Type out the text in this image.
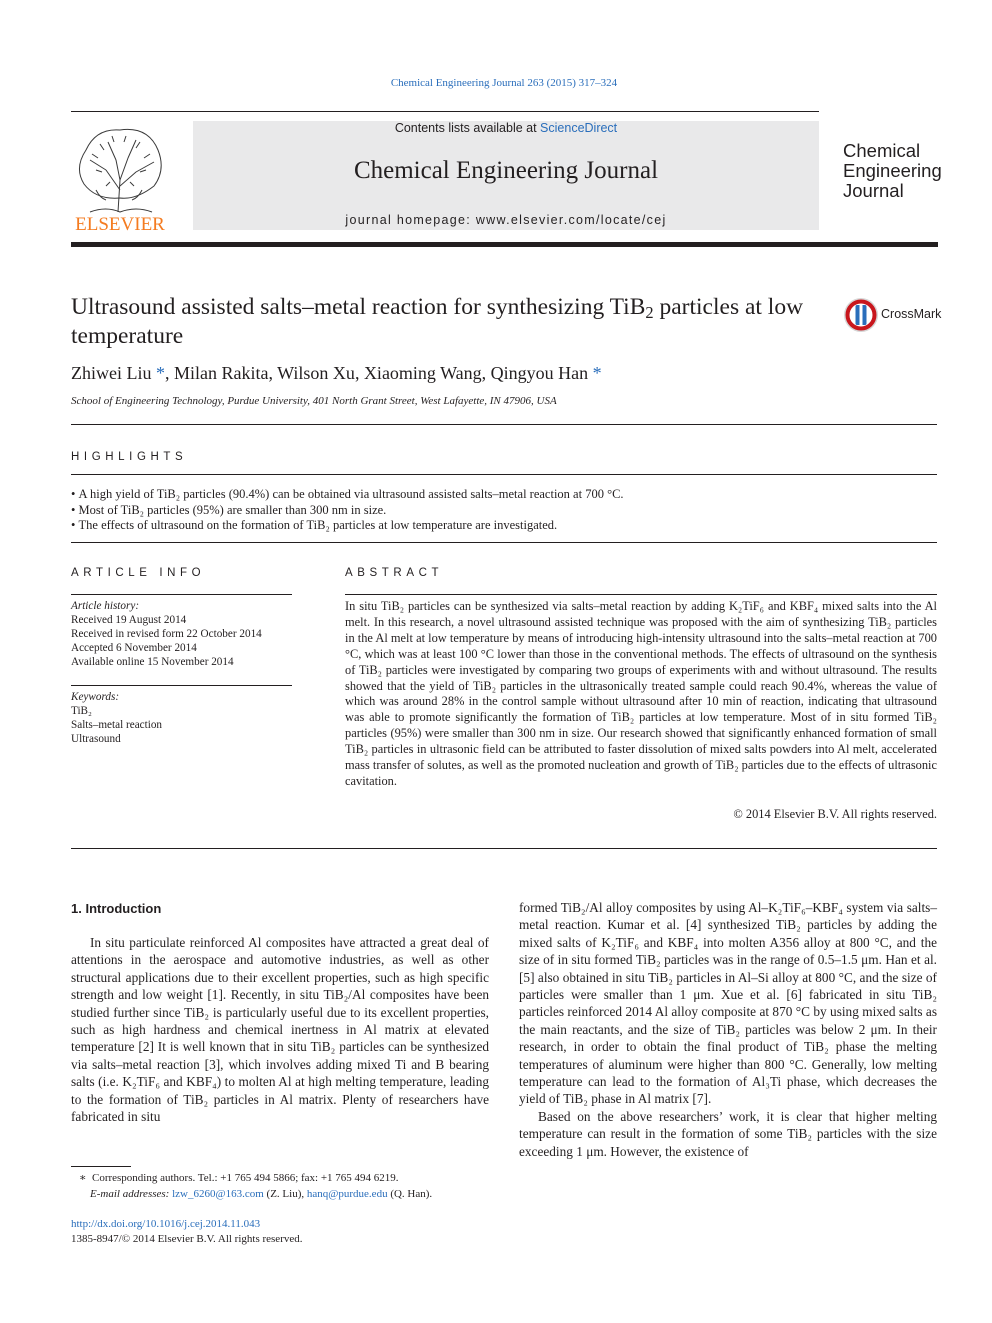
Chemical Engineering Journal 263 (2015) 317–324
ELSEVIER
Contents lists available at ScienceDirect
Chemical Engineering Journal
journal homepage: www.elsevier.com/locate/cej
Chemical
Engineering
Journal
Ultrasound assisted salts–metal reaction for synthesizing TiB$_2$ particles at low temperature
CrossMark
Zhiwei Liu *, Milan Rakita, Wilson Xu, Xiaoming Wang, Qingyou Han *
School of Engineering Technology, Purdue University, 401 North Grant Street, West Lafayette, IN 47906, USA
HIGHLIGHTS
• A high yield of TiB₂ particles (90.4%) can be obtained via ultrasound assisted salts–metal reaction at 700 °C.
• Most of TiB₂ particles (95%) are smaller than 300 nm in size.
• The effects of ultrasound on the formation of TiB₂ particles at low temperature are investigated.
ARTICLE INFO
Article history:
Received 19 August 2014
Received in revised form 22 October 2014
Accepted 6 November 2014
Available online 15 November 2014
Keywords:
TiB₂
Salts–metal reaction
Ultrasound
ABSTRACT

In situ TiB₂ particles can be synthesized via salts–metal reaction by adding K₂TiF₆ and KBF₄ mixed salts into the Al melt. In this research, a novel ultrasound assisted technique was proposed with the aim of synthesizing TiB₂ particles in the Al melt at low temperature by means of introducing high-intensity ultrasound into the salts–metal reaction at 700 °C, which was at least 100 °C lower than those in the conventional methods. The effects of ultrasound on the synthesis of TiB₂ particles were investigated by comparing two groups of experiments with and without ultrasound. The results showed that the yield of TiB₂ particles in the ultrasonically treated sample could reach 90.4%, whereas the value of which was around 28% in the control sample without ultrasound after 10 min of reaction, indicating that ultrasound was able to promote significantly the formation of TiB₂ particles at low temperature. Most of in situ formed TiB₂ particles (95%) were smaller than 300 nm in size. Our research showed that significantly enhanced formation of small TiB₂ particles in ultrasonic field can be attributed to faster dissolution of mixed salts powders into Al melt, accelerated mass transfer of solutes, as well as the promoted nucleation and growth of TiB₂ particles due to the effects of ultrasonic cavitation.

© 2014 Elsevier B.V. All rights reserved.
1. Introduction

In situ particulate reinforced Al composites have attracted a great deal of attentions in the aerospace and automotive industries, as well as other structural applications due to their excellent properties, such as high specific strength and low weight [1]. Recently, in situ TiB₂/Al composites have been studied further since TiB₂ is particularly useful due to its excellent properties, such as high hardness and chemical inertness in Al matrix at elevated temperature [2] It is well known that in situ TiB₂ particles can be synthesized via salts–metal reaction [3], which involves adding mixed Ti and B bearing salts (i.e. K₂TiF₆ and KBF₄) to molten Al at high melting temperature, leading to the formation of TiB₂ particles in Al matrix. Plenty of researchers have fabricated in situ

formed TiB₂/Al alloy composites by using Al–K₂TiF₆–KBF₄ system via salts–metal reaction. Kumar et al. [4] synthesized TiB₂ particles by adding the mixed salts of K₂TiF₆ and KBF₄ into molten A356 alloy at 800 °C, and the size of in situ formed TiB₂ particles was in the range of 0.5–1.5 μm. Han et al. [5] also obtained in situ TiB₂ particles in Al–Si alloy at 800 °C, and the size of particles were smaller than 1 μm. Xue et al. [6] fabricated in situ TiB₂ particles reinforced 2014 Al alloy composite at 870 °C by using mixed salts as the main reactants, and the size of TiB₂ particles was below 2 μm. In their research, in order to obtain the final product of TiB₂ phase the melting temperatures of aluminum were higher than 800 °C. Generally, low melting temperature can lead to the formation of Al₃Ti phase, which decreases the yield of TiB₂ phase in Al matrix [7].

Based on the above researchers’ work, it is clear that higher melting temperature can result in the formation of some TiB₂ particles with the size exceeding 1 μm. However, the existence of

∗  Corresponding authors. Tel.: +1 765 494 5866; fax: +1 765 494 6219.
E-mail addresses: lzw_6260@163.com (Z. Liu), hanq@purdue.edu (Q. Han).
http://dx.doi.org/10.1016/j.cej.2014.11.043
1385-8947/© 2014 Elsevier B.V. All rights reserved.
